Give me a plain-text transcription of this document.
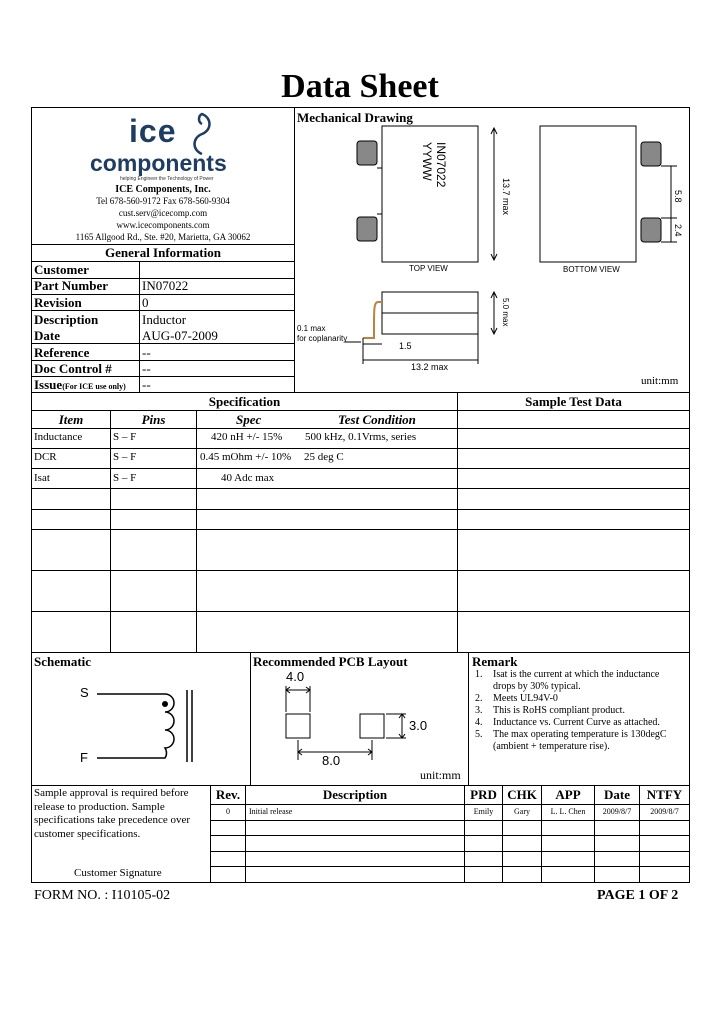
Data Sheet
ice
components
helping Engineer the Technology of Power
ICE Components, Inc.
Tel 678-560-9172 Fax 678-560-9304
cust.serv@icecomp.com
www.icecomponents.com
1165 Allgood Rd., Ste. #20, Marietta, GA 30062
General Information
Customer
Part Number	IN07022
Revision	0
Description	Inductor
Date	AUG-07-2009
Reference	--
Doc Control # --
Issue(For ICE use only) --
Mechanical Drawing
IN07022
YYWW
13.7 max	5.8
2.4
TOP VIEW	BOTTOM VIEW
5.0 max
0.1 max
for coplanarity
1.5
13.2 max
unit:mm
Specification	Sample Test Data
Item	Pins	Spec	Test Condition
Inductance	S – F	420 nH +/- 15% 500 kHz, 0.1Vrms, series
DCR	S – F	0.45 mOhm +/- 10% 25 deg C
Isat	S – F	40 Adc max
Schematic
S
F
Recommended PCB Layout
4.0
3.0
8.0
unit:mm
Remark
1. Isat is the current at which the inductance
drops by 30% typical.
2. Meets UL94V-0
3. This is RoHS compliant product.
4. Inductance vs. Current Curve as attached.
5. The max operating temperature is 130degC
(ambient + temperature rise).
Sample approval is required before
release to production. Sample
specifications take precedence over
customer specifications.
Customer Signature
Rev.	Description	PRD CHK	APP	Date	NTFY
0	Initial release	Emily	Gary	L. L. Chen	2009/8/7	2009/8/7
FORM NO. : I10105-02	PAGE 1 OF 2
